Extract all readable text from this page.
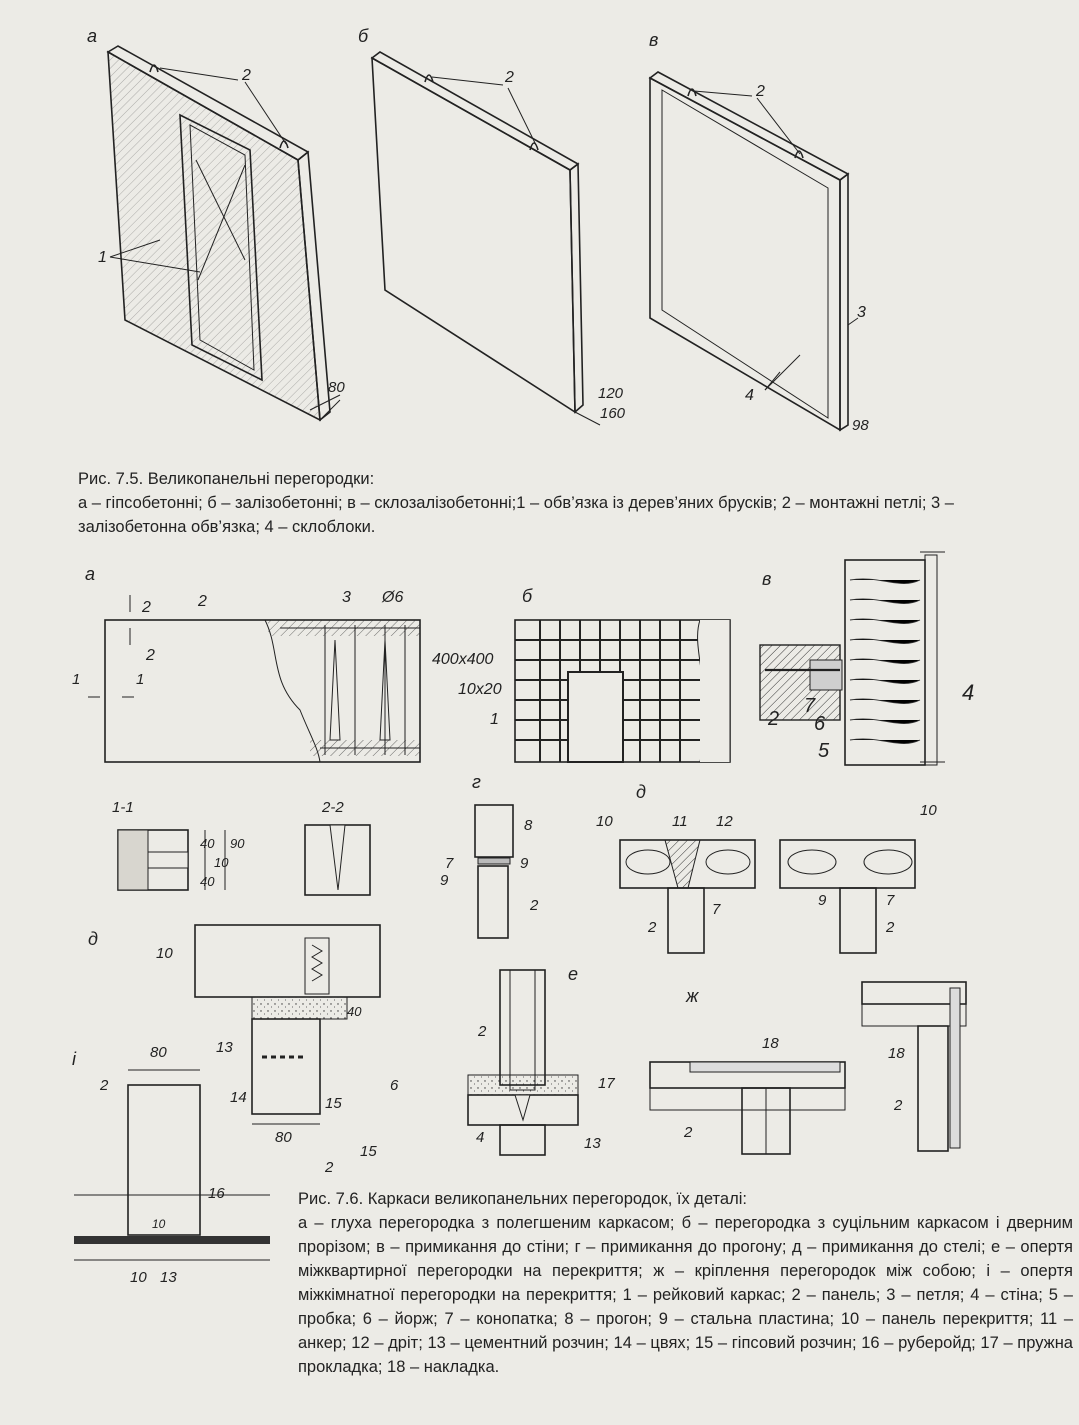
а
2
1
80
б
2
120
160
в
2
3
4
98
а
2
2
1	1
2	3 Ø6
400x400
б
10x20
1
в
2
7
6
5
4
1-1	2-2
40
40
10
90
г
8
7
9
9
2
д
10	11 12
7
2
10
9	7
2
д
10
40
13
6
14	15
15
80
2
і	80
2
16
10
10 13
е
2
17
4	13
ж
18
2
18
2
Рис. 7.5. Великопанельні перегородки:
а – гіпсобетонні; б – залізобетонні; в – склозалізобетонні;1 – обв’язка із дерев’яних брусків; 2 – монтажні петлі; 3 – залізобетонна обв’язка; 4 – склоблоки.
Рис. 7.6. Каркаси великопанельних перегородок, їх деталі:
а – глуха перегородка з полегшеним каркасом; б – перегородка з суцільним каркасом і дверним прорізом; в – примикання до стіни; г – примикання до прогону; д – примикання до стелі; е – опертя міжквартирної перегородки на перекриття; ж – кріплення перегородок між собою; і – опертя міжкімнатної перегородки на перекриття; 1 – рейковий каркас; 2 – панель; 3 – петля; 4 – стіна; 5 – пробка; 6 – йорж; 7 – конопатка; 8 – прогон; 9 – стальна пластина; 10 – панель перекриття; 11 – анкер; 12 – дріт; 13 – цементний розчин; 14 – цвях; 15 – гіпсовий розчин; 16 – руберойд; 17 – пружна прокладка; 18 – накладка.
